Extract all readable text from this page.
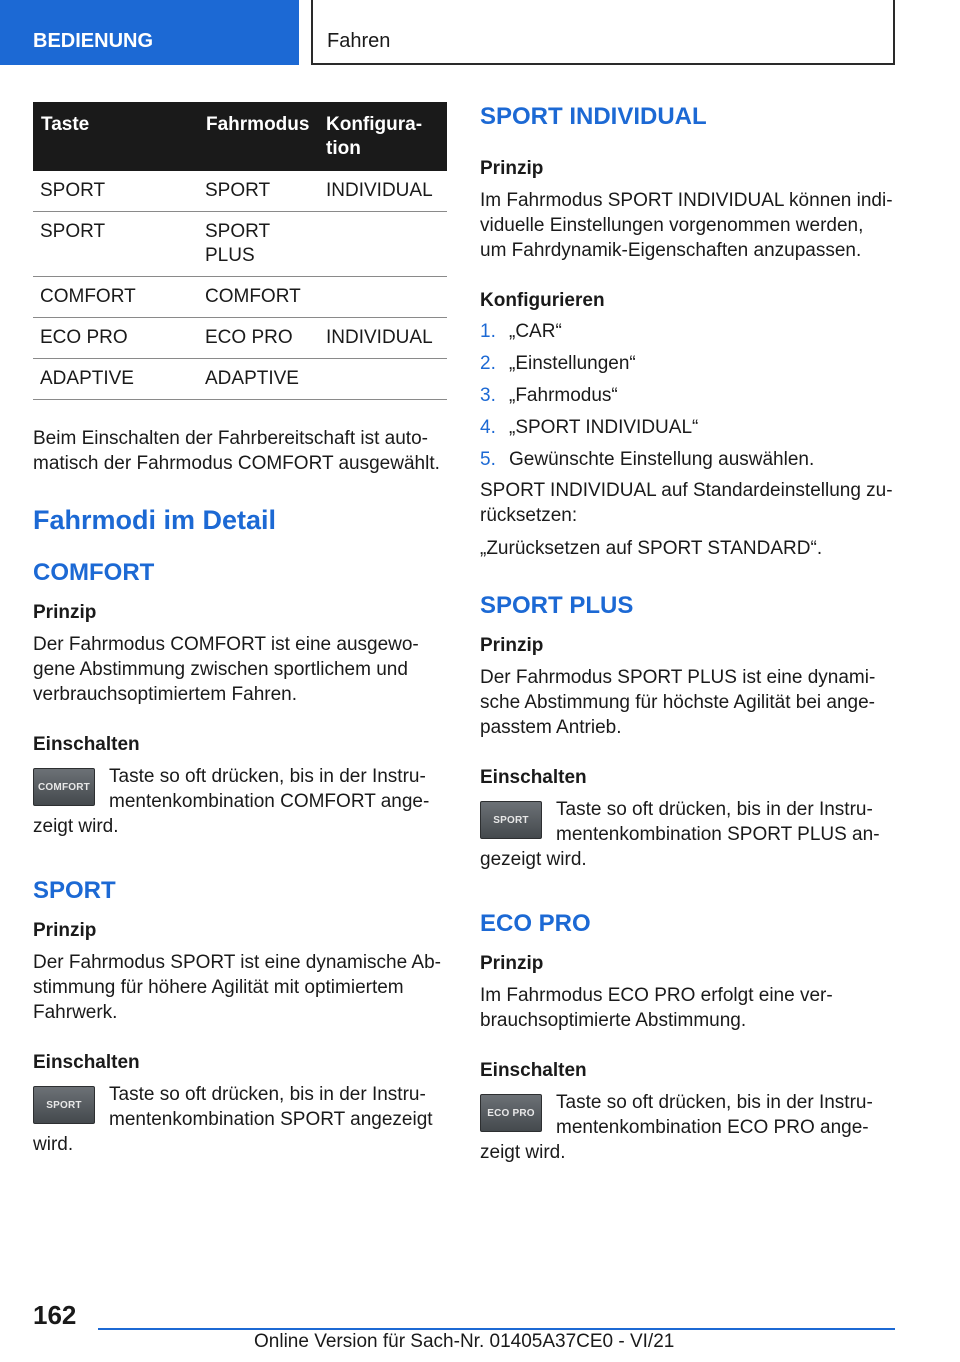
BEDIENUNG	Fahren
Taste	Fahrmodus	Konfigura-
tion
SPORT	SPORT	INDIVIDUAL
SPORT	SPORT
PLUS	
COMFORT	COMFORT	
ECO PRO	ECO PRO	INDIVIDUAL
ADAPTIVE	ADAPTIVE	

Beim Einschalten der Fahrbereitschaft ist auto-
matisch der Fahrmodus COMFORT ausgewählt.

Fahrmodi im Detail
COMFORT
Prinzip

Der Fahrmodus COMFORT ist eine ausgewo-
gene Abstimmung zwischen sportlichem und
verbrauchsoptimiertem Fahren.

Einschalten
COMFORT	Taste so oft drücken, bis in der Instru-
mentenkombination COMFORT ange-
zeigt wird.

SPORT
Prinzip

Der Fahrmodus SPORT ist eine dynamische Ab-
stimmung für höhere Agilität mit optimiertem
Fahrwerk.

Einschalten
SPORT	Taste so oft drücken, bis in der Instru-
mentenkombination SPORT angezeigt
wird.

SPORT INDIVIDUAL
Prinzip

Im Fahrmodus SPORT INDIVIDUAL können indi-
viduelle Einstellungen vorgenommen werden,
um Fahrdynamik-Eigenschaften anzupassen.

Konfigurieren
1. „CAR“
2. „Einstellungen“
3. „Fahrmodus“
4. „SPORT INDIVIDUAL“
5. Gewünschte Einstellung auswählen.

SPORT INDIVIDUAL auf Standardeinstellung zu-
rücksetzen:

„Zurücksetzen auf SPORT STANDARD“.

SPORT PLUS
Prinzip

Der Fahrmodus SPORT PLUS ist eine dynami-
sche Abstimmung für höchste Agilität bei ange-
passtem Antrieb.

Einschalten
SPORT	Taste so oft drücken, bis in der Instru-
mentenkombination SPORT PLUS an-
gezeigt wird.

ECO PRO
Prinzip

Im Fahrmodus ECO PRO erfolgt eine ver-
brauchsoptimierte Abstimmung.

Einschalten
ECO PRO	Taste so oft drücken, bis in der Instru-
mentenkombination ECO PRO ange-
zeigt wird.

162
Online Version für Sach-Nr. 01405A37CE0 - VI/21
